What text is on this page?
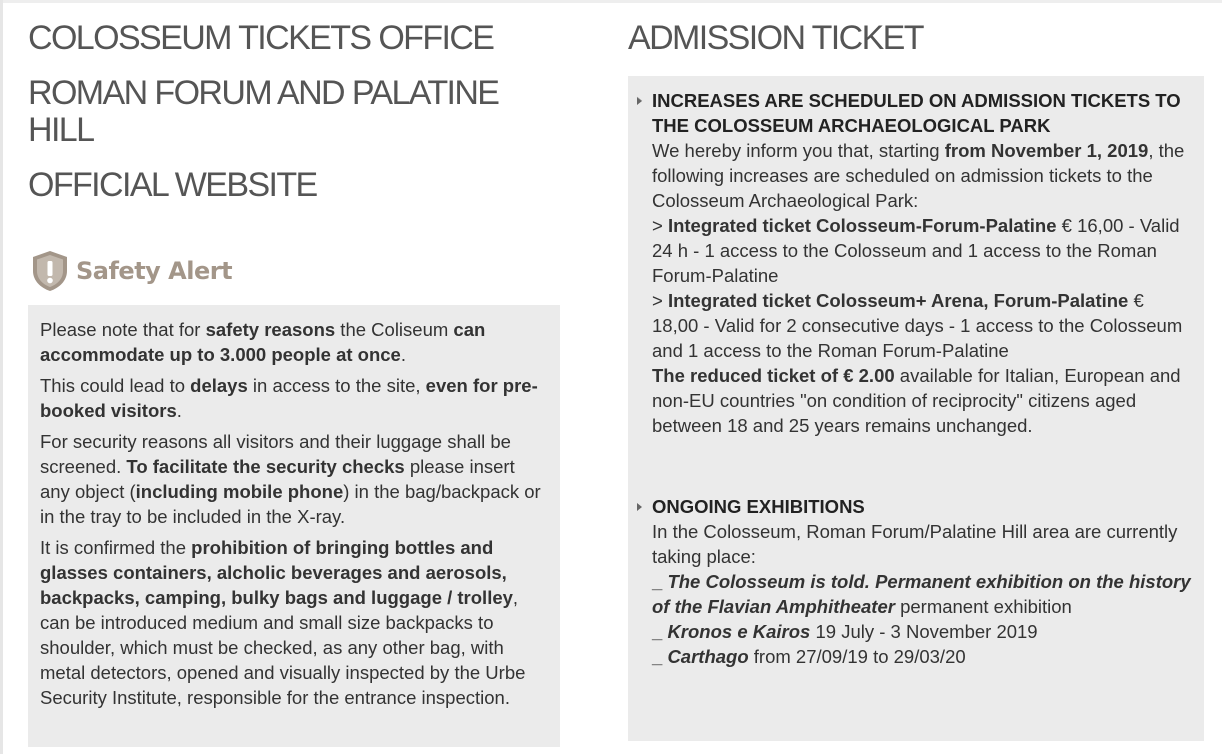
COLOSSEUM TICKETS OFFICE
ROMAN FORUM AND PALATINE HILL
OFFICIAL WEBSITE
Safety Alert

Please note that for safety reasons the Coliseum can accommodate up to 3.000 people at once.

This could lead to delays in access to the site, even for pre-booked visitors.

For security reasons all visitors and their luggage shall be screened. To facilitate the security checks please insert any object (including mobile phone) in the bag/backpack or in the tray to be included in the X-ray.

It is confirmed the prohibition of bringing bottles and glasses containers, alcholic beverages and aerosols, backpacks, camping, bulky bags and luggage / trolley, can be introduced medium and small size backpacks to shoulder, which must be checked, as any other bag, with metal detectors, opened and visually inspected by the Urbe Security Institute, responsible for the entrance inspection.

ADMISSION TICKET
INCREASES ARE SCHEDULED ON ADMISSION TICKETS TO THE COLOSSEUM ARCHAEOLOGICAL PARK
We hereby inform you that, starting from November 1, 2019, the following increases are scheduled on admission tickets to the Colosseum Archaeological Park:
> Integrated ticket Colosseum-Forum-Palatine € 16,00 - Valid 24 h - 1 access to the Colosseum and 1 access to the Roman Forum-Palatine
> Integrated ticket Colosseum+ Arena, Forum-Palatine € 18,00 - Valid for 2 consecutive days - 1 access to the Colosseum and 1 access to the Roman Forum-Palatine
The reduced ticket of € 2.00 available for Italian, European and non-EU countries "on condition of reciprocity" citizens aged between 18 and 25 years remains unchanged.
ONGOING EXHIBITIONS
In the Colosseum, Roman Forum/Palatine Hill area are currently taking place:
_ The Colosseum is told. Permanent exhibition on the history of the Flavian Amphitheater permanent exhibition
_ Kronos e Kairos 19 July - 3 November 2019
_ Carthago from 27/09/19 to 29/03/20
